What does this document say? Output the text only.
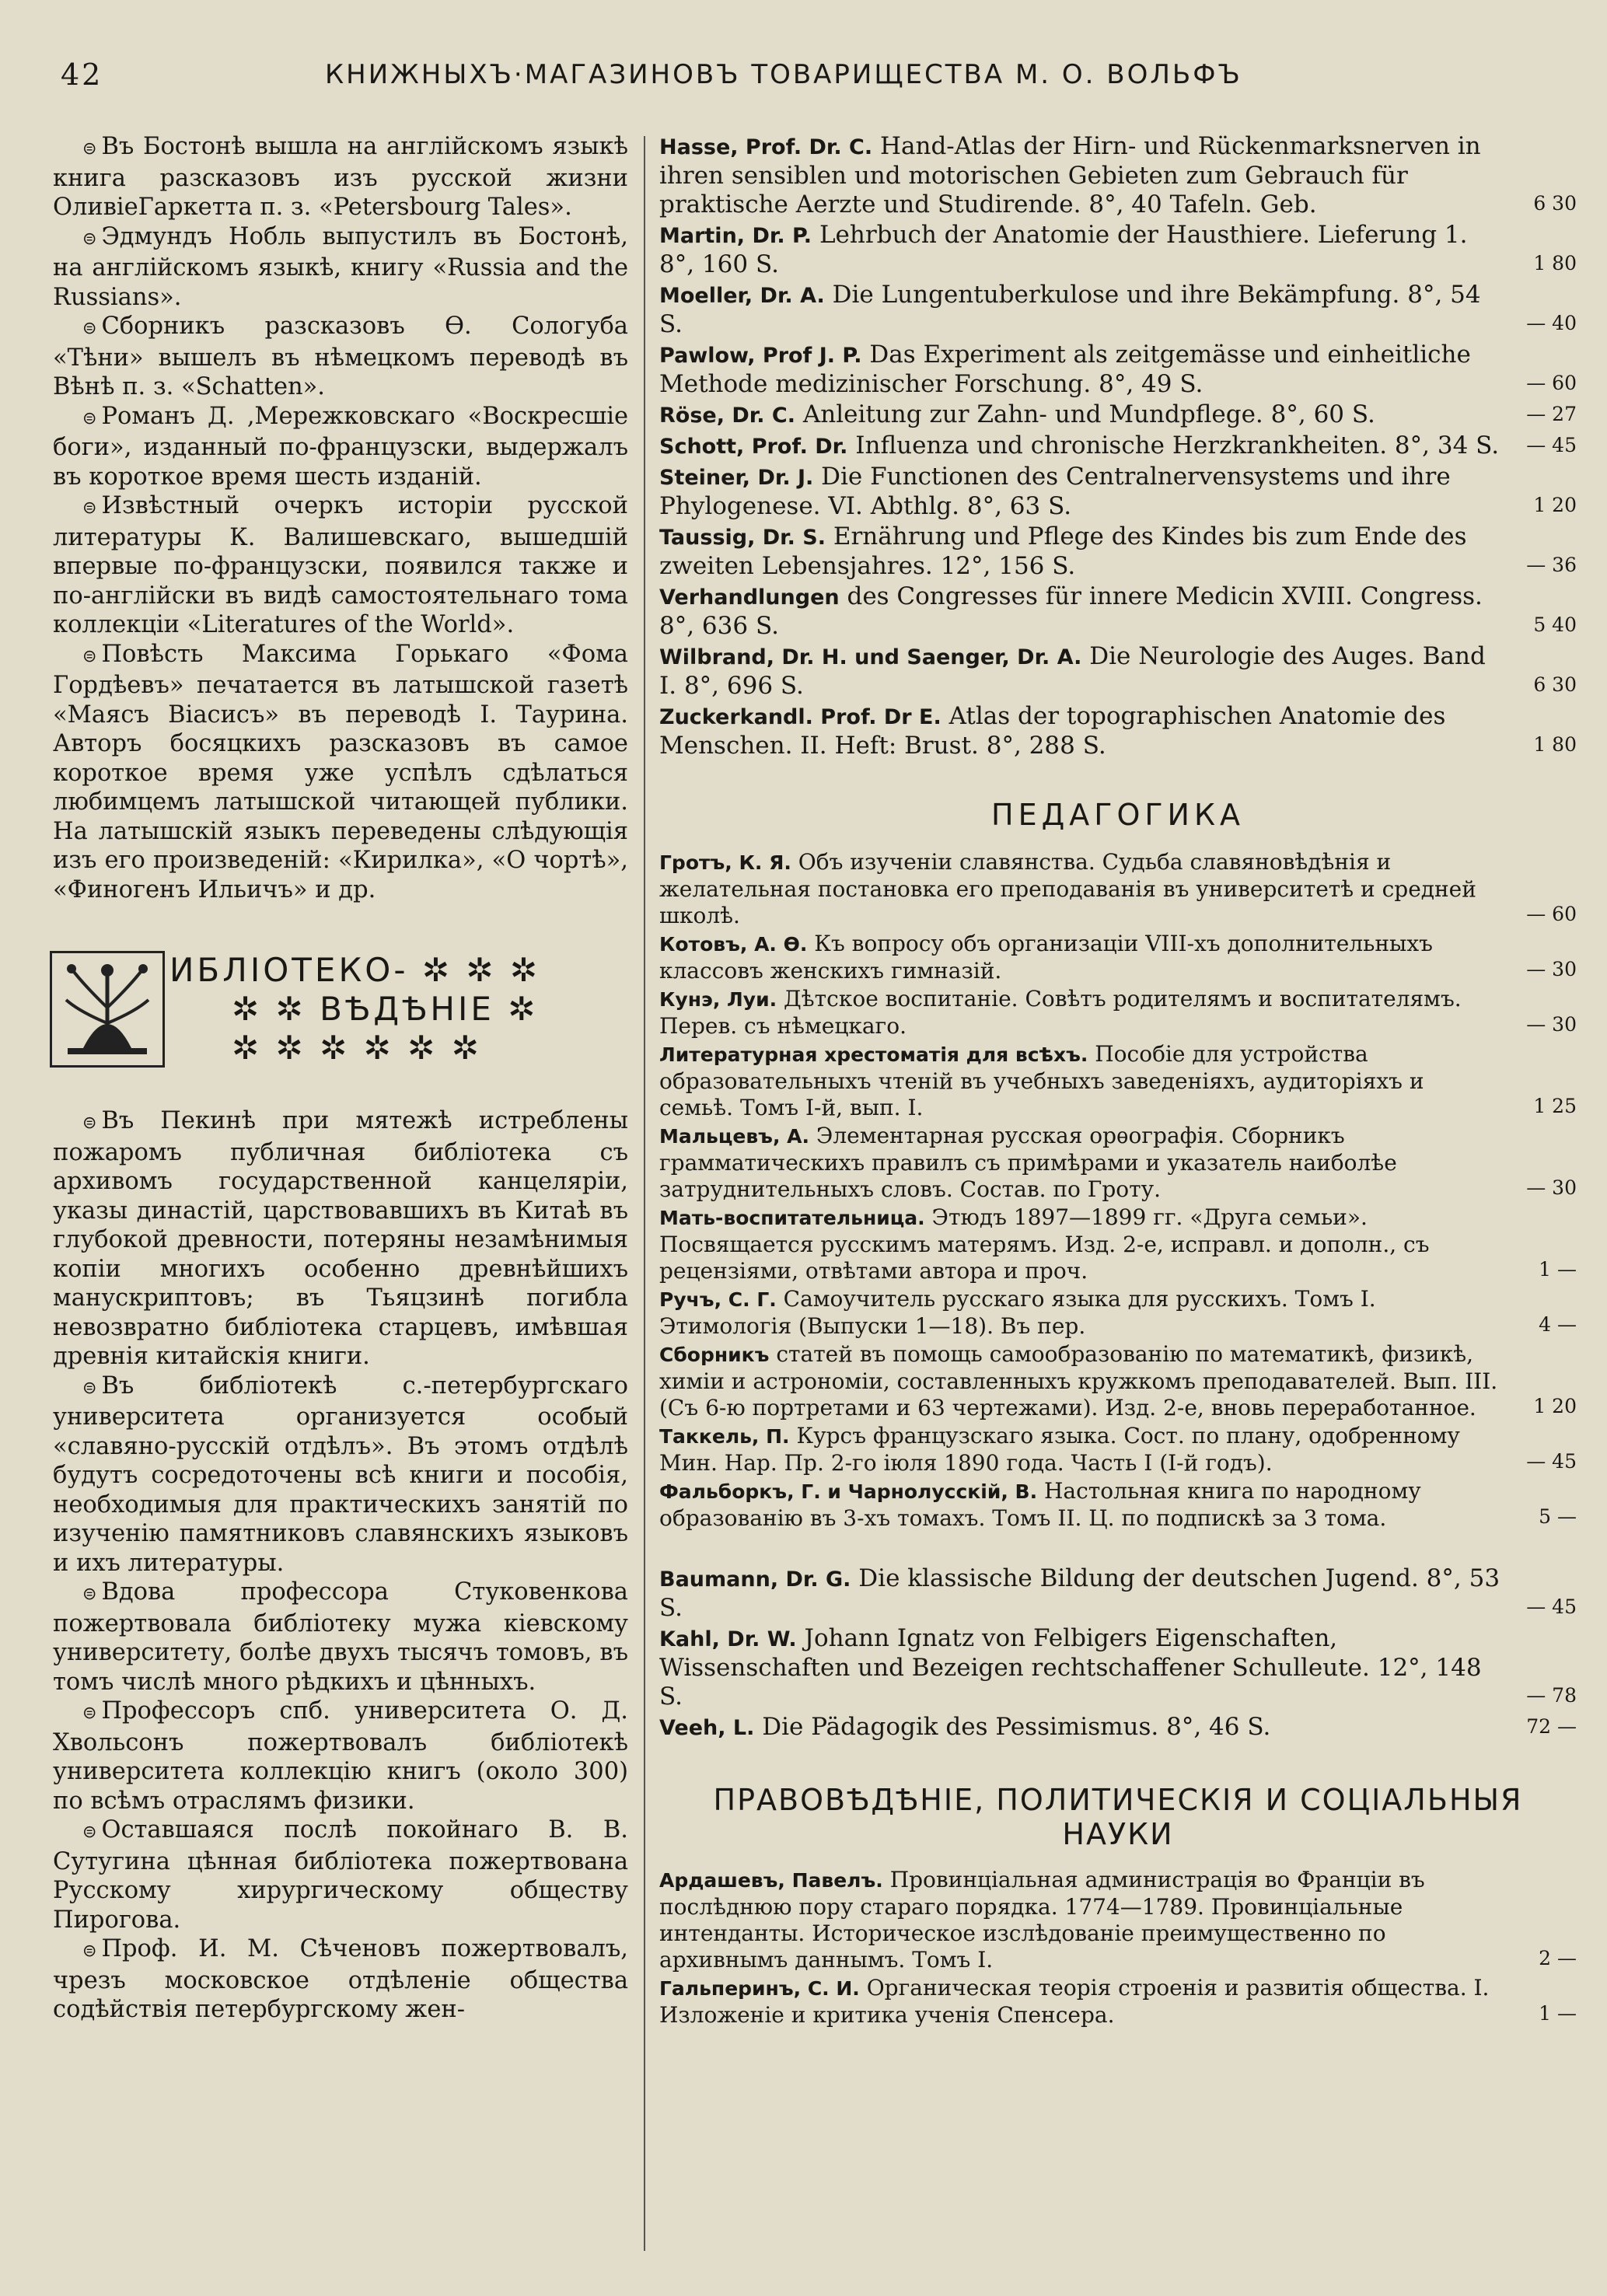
42	КНИЖНЫХЪ·МАГАЗИНОВЪ ТОВАРИЩЕСТВА М. О. ВОЛЬФЪ

⊜ Въ Бостонѣ вышла на англійскомъ языкѣ книга разсказовъ изъ русской жизни ОливіеГаркетта п. з. «Petersbourg Tales».

⊜ Эдмундъ Нобль выпустилъ въ Бостонѣ, на англійскомъ языкѣ, книгу «Russia and the Russians».

⊜ Сборникъ разсказовъ Ѳ. Сологуба «Тѣни» вышелъ въ нѣмецкомъ переводѣ въ Вѣнѣ п. з. «Schatten».

⊜ Романъ Д. ‚Мережковскаго «Воскресшіе боги», изданный по-французски, выдержалъ въ короткое время шесть изданій.

⊜ Извѣстный очеркъ исторіи русской литературы К. Валишевскаго, вышедшій впервые по-французски, появился также и по-англійски въ видѣ самостоятельнаго тома коллекціи «Literatures of the World».

⊜ Повѣсть Максима Горькаго «Фома Гордѣевъ» печатается въ латышской газетѣ «Маясъ Віасисъ» въ переводѣ І. Таурина. Авторъ босяцкихъ разсказовъ въ самое короткое время уже успѣлъ сдѣлаться любимцемъ латышской читающей публики. На латышскій языкъ переведены слѣдующія изъ его произведеній: «Кирилка», «О чортѣ», «Финогенъ Ильичъ» и др.

ИБЛІОТЕКО- ✲ ✲ ✲
✲ ✲ ВѢДѢНІЕ ✲
✲ ✲ ✲ ✲ ✲ ✲

⊜ Въ Пекинѣ при мятежѣ истреблены пожаромъ публичная библіотека съ архивомъ государственной канцеляріи, указы династій, царствовавшихъ въ Китаѣ въ глубокой древности, потеряны незамѣнимыя копіи многихъ особенно древнѣйшихъ манускриптовъ; въ Тьяцзинѣ погибла невозвратно библіотека старцевъ, имѣвшая древнія китайскія книги.

⊜ Въ библіотекѣ с.-петербургскаго университета организуется особый «славяно-русскій отдѣлъ». Въ этомъ отдѣлѣ будутъ сосредоточены всѣ книги и пособія, необходимыя для практическихъ занятій по изученію памятниковъ славянскихъ языковъ и ихъ литературы.

⊜ Вдова профессора Стуковенкова пожертвовала библіотеку мужа кіевскому университету, болѣе двухъ тысячъ томовъ, въ томъ числѣ много рѣдкихъ и цѣнныхъ.

⊜ Профессоръ спб. университета О. Д. Хвольсонъ пожертвовалъ библіотекѣ университета коллекцію книгъ (около 300) по всѣмъ отраслямъ физики.

⊜ Оставшаяся послѣ покойнаго В. В. Сутугина цѣнная библіотека пожертвована Русскому хирургическому обществу Пирогова.

⊜ Проф. И. М. Сѣченовъ пожертвовалъ, чрезъ московское отдѣленіе общества содѣйствія петербургскому жен-

Hasse, Prof. Dr. C. Hand-Atlas der Hirn- und Rückenmarksnerven in ihren sensiblen und motorischen Gebieten zum Gebrauch für praktische Aerzte und Studirende. 8°, 40 Tafeln. Geb.	6 30
Martin, Dr. P. Lehrbuch der Anatomie der Hausthiere. Lieferung 1. 8°, 160 S.	1 80
Moeller, Dr. A. Die Lungentuberkulose und ihre Bekämpfung. 8°, 54 S.	— 40
Pawlow, Prof J. P. Das Experiment als zeitgemässe und einheitliche Methode medizinischer Forschung. 8°, 49 S.	— 60
Röse, Dr. C. Anleitung zur Zahn- und Mundpflege. 8°, 60 S.	— 27
Schott, Prof. Dr. Influenza und chronische Herzkrankheiten. 8°, 34 S. — 45
Steiner, Dr. J. Die Functionen des Centralnervensystems und ihre Phylogenese. VI. Abthlg. 8°, 63 S.	1 20
Taussig, Dr. S. Ernährung und Pflege des Kindes bis zum Ende des zweiten Lebensjahres. 12°, 156 S.	— 36
Verhandlungen des Congresses für innere Medicin XVIII. Congress. 8°, 636 S.	5 40
Wilbrand, Dr. H. und Saenger, Dr. A. Die Neurologie des Auges. Band I. 8°, 696 S.	6 30
Zuckerkandl. Prof. Dr E. Atlas der topographischen Anatomie des Menschen. II. Heft: Brust. 8°, 288 S.	1 80
ПЕДАГОГИКА
Гротъ, К. Я. Объ изученіи славянства. Судьба славяновѣдѣнія и желательная постановка его преподаванія въ университетѣ и средней школѣ.	— 60
Котовъ, А. Ѳ. Къ вопросу объ организаціи VIII-хъ дополнительныхъ классовъ женскихъ гимназій.	— 30
Кунэ, Луи. Дѣтское воспитаніе. Совѣтъ родителямъ и воспитателямъ. Перев. съ нѣмецкаго.	— 30
Литературная хрестоматія для всѣхъ. Пособіе для устройства образовательныхъ чтеній въ учебныхъ заведеніяхъ, аудиторіяхъ и семьѣ. Томъ І-й, вып. І.	1 25
Мальцевъ, А. Элементарная русская орѳографія. Сборникъ грамматическихъ правилъ съ примѣрами и указатель наиболѣе затруднительныхъ словъ. Состав. по Гроту.	— 30
Мать-воспитательница. Этюдъ 1897—1899 гг. «Друга семьи». Посвящается русскимъ матерямъ. Изд. 2-е, исправл. и дополн., съ рецензіями, отвѣтами автора и проч.	1 —
Ручъ, С. Г. Самоучитель русскаго языка для русскихъ. Томъ І. Этимологія (Выпуски 1—18). Въ пер.	4 —
Сборникъ статей въ помощь самообразованію по математикѣ, физикѣ, химіи и астрономіи, составленныхъ кружкомъ преподавателей. Вып. III. (Съ 6-ю портретами и 63 чертежами). Изд. 2-е, вновь переработанное.	1 20
Таккель, П. Курсъ французскаго языка. Сост. по плану, одобренному Мин. Нар. Пр. 2-го іюля 1890 года. Часть I (I-й годъ).	— 45
Фальборкъ, Г. и Чарнолусскій, В. Настольная книга по народному образованію въ 3-хъ томахъ. Томъ II. Ц. по подпискѣ за 3 тома.	5 —
Baumann, Dr. G. Die klassische Bildung der deutschen Jugend. 8°, 53 S.	— 45
Kahl, Dr. W. Johann Ignatz von Felbigers Eigenschaften, Wissenschaften und Bezeigen rechtschaffener Schulleute. 12°, 148 S.	— 78
Veeh, L. Die Pädagogik des Pessimismus. 8°, 46 S.	72 —
ПРАВОВѢДѢНІЕ, ПОЛИТИЧЕСКІЯ И СОЦІАЛЬНЫЯ НАУКИ
Ардашевъ, Павелъ. Провинціальная администрація во Франціи въ послѣднюю пору стараго порядка. 1774—1789. Провинціальные интенданты. Историческое изслѣдованіе преимущественно по архивнымъ даннымъ. Томъ I.	2 —
Гальперинъ, С. И. Органическая теорія строенія и развитія общества. I. Изложеніе и критика ученія Спенсера.	1 —
